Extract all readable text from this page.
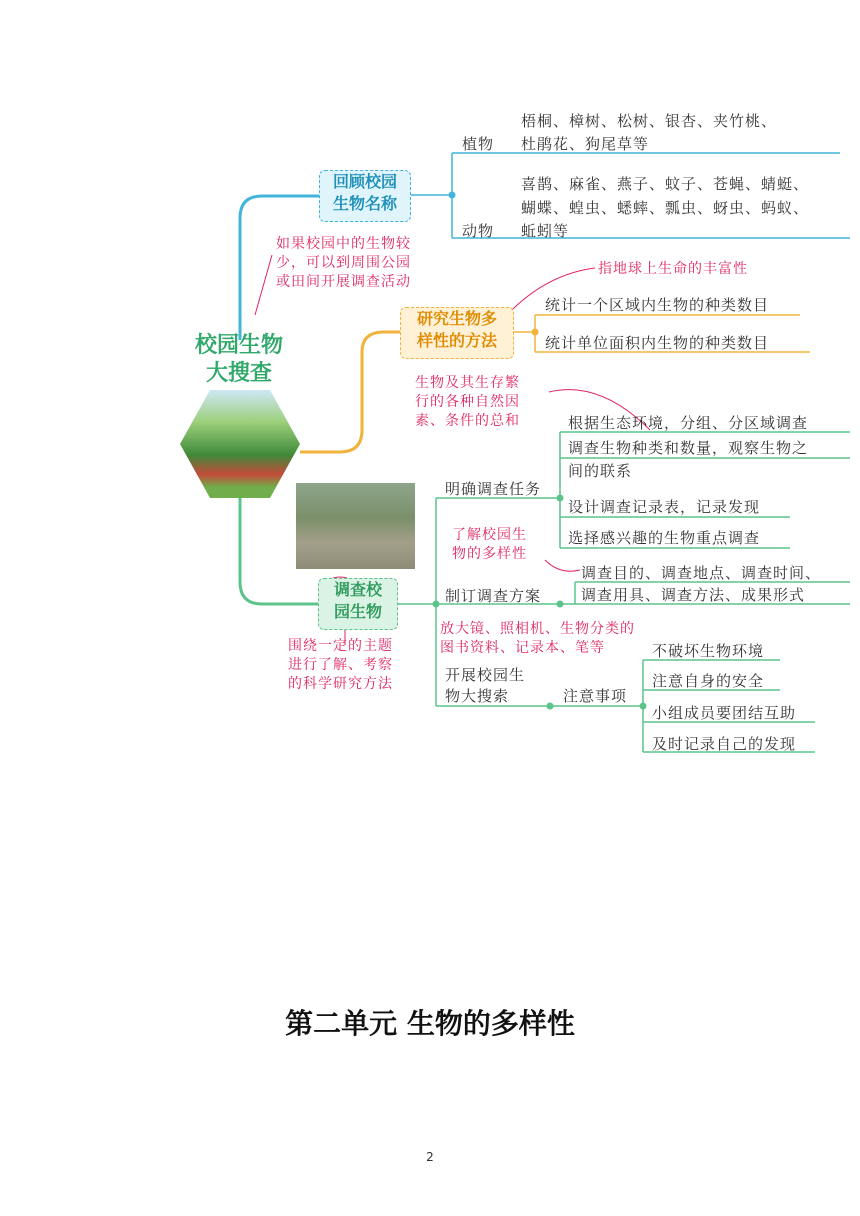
校园生物
大搜查
回顾校园
生物名称
植物
梧桐、樟树、松树、银杏、夹竹桃、
杜鹃花、狗尾草等
动物
喜鹊、麻雀、燕子、蚊子、苍蝇、蜻蜓、
蝴蝶、蝗虫、蟋蟀、瓢虫、蚜虫、蚂蚁、
蚯蚓等
如果校园中的生物较
少，可以到周围公园
或田间开展调查活动
研究生物多
样性的方法
指地球上生命的丰富性
统计一个区域内生物的种类数目
统计单位面积内生物的种类数目
生物及其生存繁
行的各种自然因
素、条件的总和
调查校
园生物
明确调查任务
根据生态环境，分组、分区域调查
调查生物种类和数量，观察生物之
间的联系
设计调查记录表，记录发现
选择感兴趣的生物重点调查
了解校园生
物的多样性
制订调查方案
调查目的、调查地点、调查时间、
调查用具、调查方法、成果形式
放大镜、照相机、生物分类的
图书资料、记录本、笔等
开展校园生
物大搜索	注意事项
不破坏生物环境
注意自身的安全
小组成员要团结互助
及时记录自己的发现
围绕一定的主题
进行了解、考察
的科学研究方法
第二单元 生物的多样性
2
